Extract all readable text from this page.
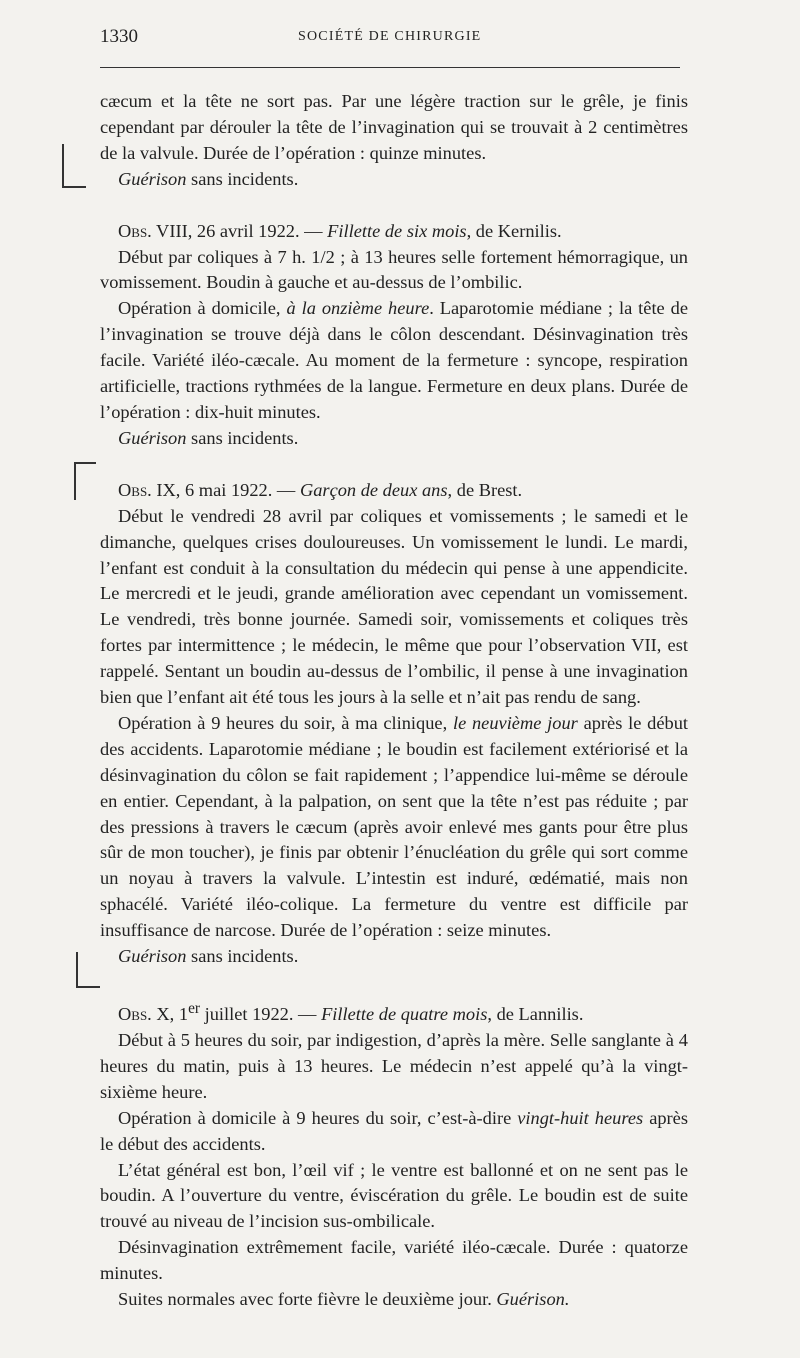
1330	SOCIÉTÉ DE CHIRURGIE

cæcum et la tête ne sort pas. Par une légère traction sur le grêle, je finis cependant par dérouler la tête de l’invagination qui se trouvait à 2 centimètres de la valvule. Durée de l’opération : quinze minutes.

Guérison sans incidents.

Obs. VIII, 26 avril 1922. — Fillette de six mois, de Kernilis.

Début par coliques à 7 h. 1/2 ; à 13 heures selle fortement hémorragique, un vomissement. Boudin à gauche et au-dessus de l’ombilic.

Opération à domicile, à la onzième heure. Laparotomie médiane ; la tête de l’invagination se trouve déjà dans le côlon descendant. Désinvagination très facile. Variété iléo-cæcale. Au moment de la fermeture : syncope, respiration artificielle, tractions rythmées de la langue. Fermeture en deux plans. Durée de l’opération : dix-huit minutes.

Guérison sans incidents.

Obs. IX, 6 mai 1922. — Garçon de deux ans, de Brest.

Début le vendredi 28 avril par coliques et vomissements ; le samedi et le dimanche, quelques crises douloureuses. Un vomissement le lundi. Le mardi, l’enfant est conduit à la consultation du médecin qui pense à une appendicite. Le mercredi et le jeudi, grande amélioration avec cependant un vomissement. Le vendredi, très bonne journée. Samedi soir, vomissements et coliques très fortes par intermittence ; le médecin, le même que pour l’observation VII, est rappelé. Sentant un boudin au-dessus de l’ombilic, il pense à une invagination bien que l’enfant ait été tous les jours à la selle et n’ait pas rendu de sang.

Opération à 9 heures du soir, à ma clinique, le neuvième jour après le début des accidents. Laparotomie médiane ; le boudin est facilement extériorisé et la désinvagination du côlon se fait rapidement ; l’appendice lui-même se déroule en entier. Cependant, à la palpation, on sent que la tête n’est pas réduite ; par des pressions à travers le cæcum (après avoir enlevé mes gants pour être plus sûr de mon toucher), je finis par obtenir l’énucléation du grêle qui sort comme un noyau à travers la valvule. L’intestin est induré, œdématié, mais non sphacélé. Variété iléo-colique. La fermeture du ventre est difficile par insuffisance de narcose. Durée de l’opération : seize minutes.

Guérison sans incidents.

Obs. X, 1er juillet 1922. — Fillette de quatre mois, de Lannilis.

Début à 5 heures du soir, par indigestion, d’après la mère. Selle sanglante à 4 heures du matin, puis à 13 heures. Le médecin n’est appelé qu’à la vingt-sixième heure.

Opération à domicile à 9 heures du soir, c’est-à-dire vingt-huit heures après le début des accidents.

L’état général est bon, l’œil vif ; le ventre est ballonné et on ne sent pas le boudin. A l’ouverture du ventre, éviscération du grêle. Le boudin est de suite trouvé au niveau de l’incision sus-ombilicale.

Désinvagination extrêmement facile, variété iléo-cæcale. Durée : quatorze minutes.

Suites normales avec forte fièvre le deuxième jour. Guérison.
